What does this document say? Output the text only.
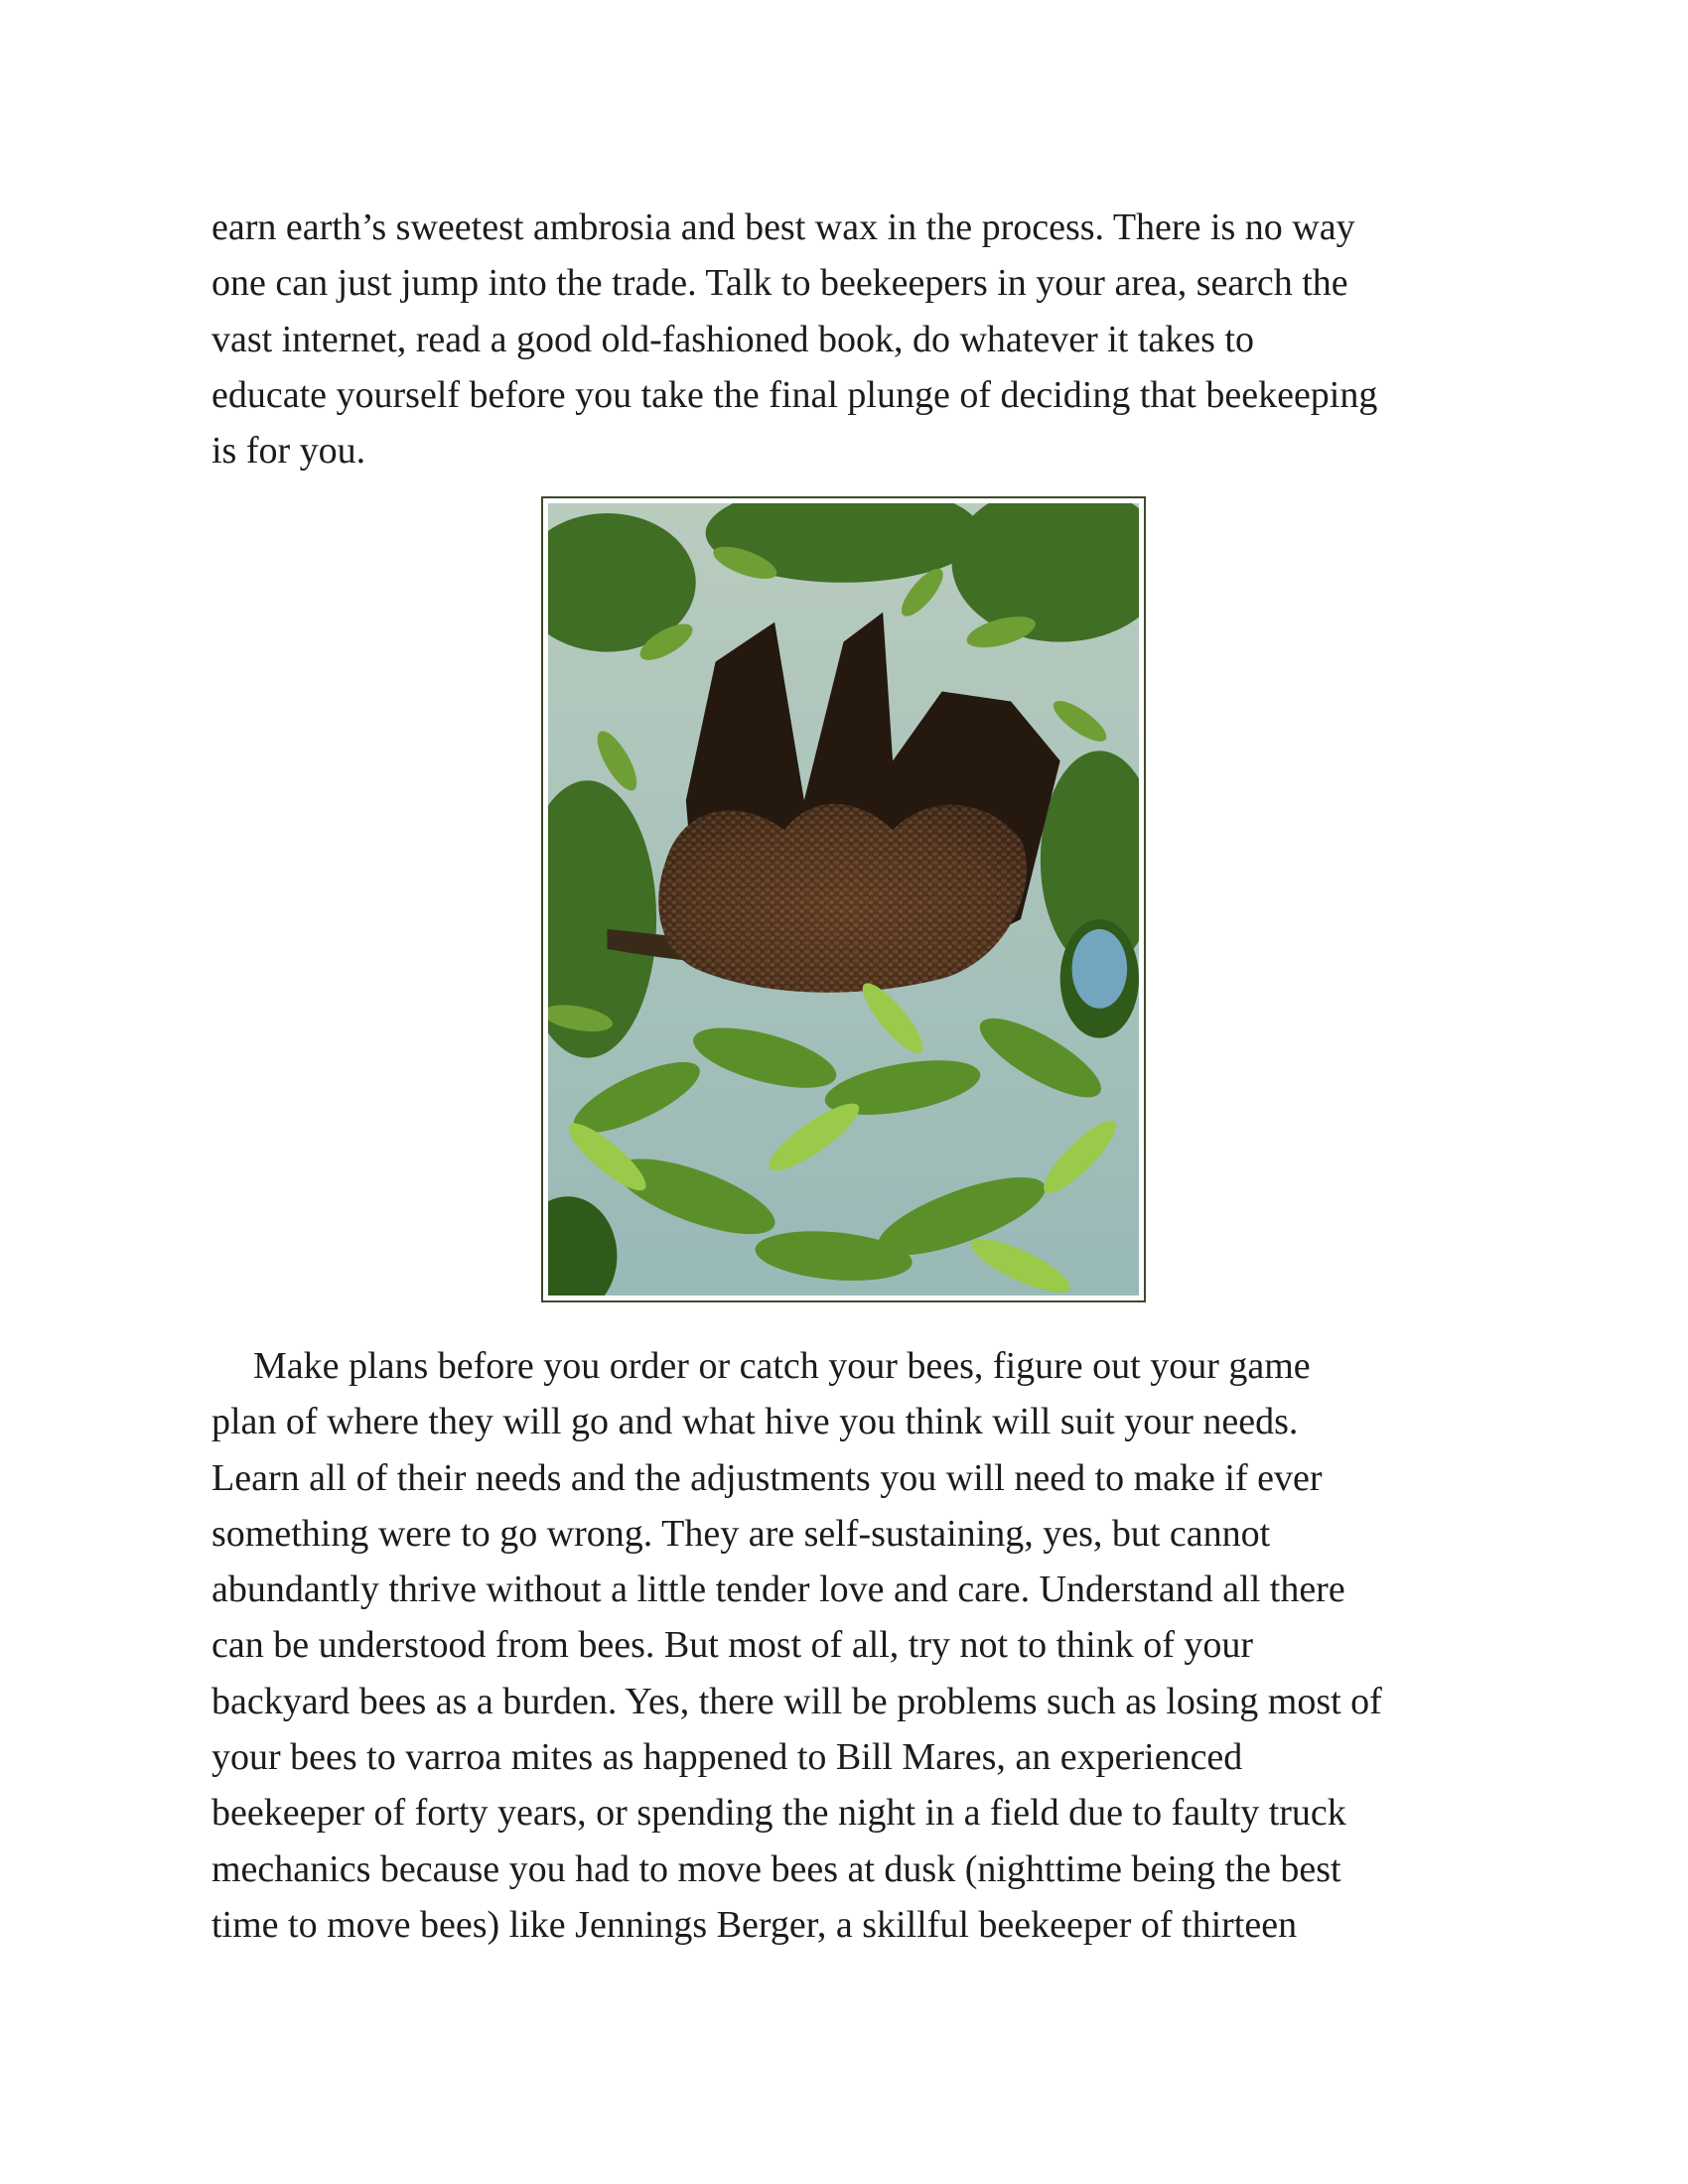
earn earth’s sweetest ambrosia and best wax in the process. There is no way
one can just jump into the trade. Talk to beekeepers in your area, search the
vast internet, read a good old-fashioned book, do whatever it takes to
educate yourself before you take the final plunge of deciding that beekeeping
is for you.

Make plans before you order or catch your bees, figure out your game
plan of where they will go and what hive you think will suit your needs.
Learn all of their needs and the adjustments you will need to make if ever
something were to go wrong. They are self-sustaining, yes, but cannot
abundantly thrive without a little tender love and care. Understand all there
can be understood from bees. But most of all, try not to think of your
backyard bees as a burden. Yes, there will be problems such as losing most of
your bees to varroa mites as happened to Bill Mares, an experienced
beekeeper of forty years, or spending the night in a field due to faulty truck
mechanics because you had to move bees at dusk (nighttime being the best
time to move bees) like Jennings Berger, a skillful beekeeper of thirteen
